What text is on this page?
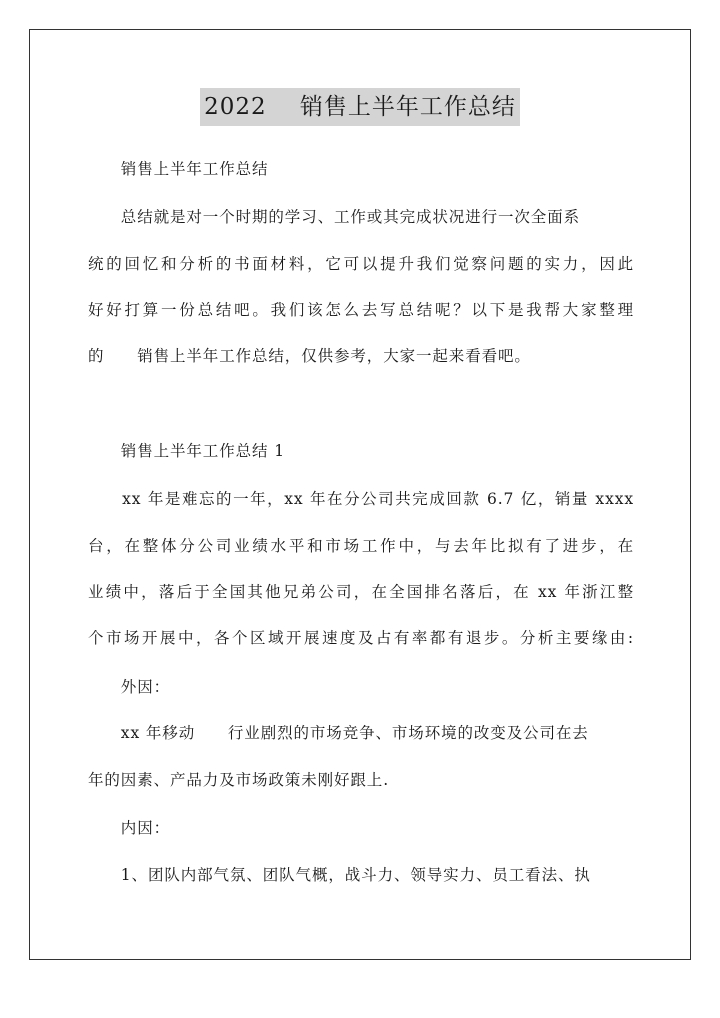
2022    销售上半年工作总结
　　销售上半年工作总结
　　总结就是对一个时期的学习、工作或其完成状况进行一次全面系
统的回忆和分析的书面材料，它可以提升我们觉察问题的实力，因此
好好打算一份总结吧。我们该怎么去写总结呢？以下是我帮大家整理
的　　销售上半年工作总结，仅供参考，大家一起来看看吧。
　　销售上半年工作总结 1
　　xx 年是难忘的一年，xx 年在分公司共完成回款 6.7 亿，销量 xxxx
台，在整体分公司业绩水平和市场工作中，与去年比拟有了进步，在
业绩中，落后于全国其他兄弟公司，在全国排名落后，在 xx 年浙江整
个市场开展中，各个区域开展速度及占有率都有退步。分析主要缘由:
　　外因：
　　xx 年移动　　行业剧烈的市场竞争、市场环境的改变及公司在去
年的因素、产品力及市场政策未刚好跟上.
　　内因：
　　1、团队内部气氛、团队气概，战斗力、领导实力、员工看法、执
